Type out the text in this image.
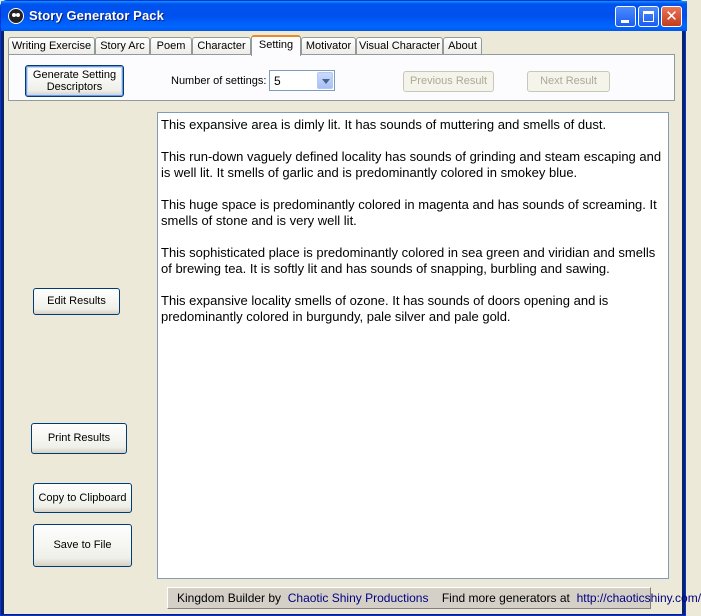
Story Generator Pack	✕
Writing Exercise Story Arc	Poem	Character	Setting	Motivator Visual Character About
Generate Setting
Descriptors	Number of settings: 5	Previous Result	Next Result
Edit Results
Print Results
Copy to Clipboard
Save to File

This expansive area is dimly lit. It has sounds of muttering and smells of dust.

This run-down vaguely defined locality has sounds of grinding and steam escaping and is well lit. It smells of garlic and is predominantly colored in smokey blue.

This huge space is predominantly colored in magenta and has sounds of screaming. It smells of stone and is very well lit.

This sophisticated place is predominantly colored in sea green and viridian and smells of brewing tea. It is softly lit and has sounds of snapping, burbling and sawing.

This expansive locality smells of ozone. It has sounds of doors opening and is predominantly colored in burgundy, pale silver and pale gold.

Kingdom Builder by Chaotic Shiny Productions Find more generators at http://chaoticshiny.com/
